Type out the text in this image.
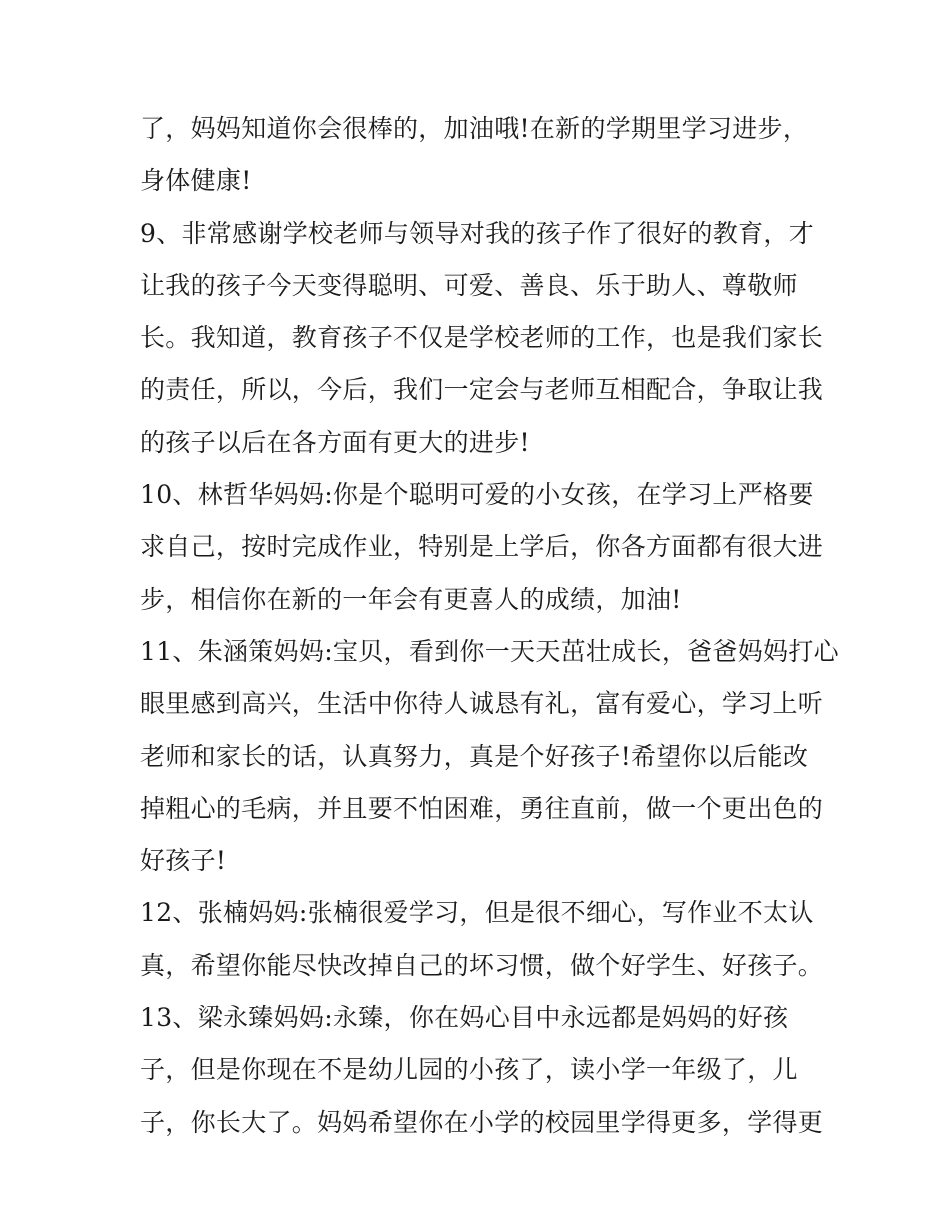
了，妈妈知道你会很棒的，加油哦!在新的学期里学习进步，
身体健康!
9、非常感谢学校老师与领导对我的孩子作了很好的教育，才
让我的孩子今天变得聪明、可爱、善良、乐于助人、尊敬师
长。我知道，教育孩子不仅是学校老师的工作，也是我们家长
的责任，所以，今后，我们一定会与老师互相配合，争取让我
的孩子以后在各方面有更大的进步!
10、林哲华妈妈:你是个聪明可爱的小女孩，在学习上严格要
求自己，按时完成作业，特别是上学后，你各方面都有很大进
步，相信你在新的一年会有更喜人的成绩，加油!
11、朱涵策妈妈:宝贝，看到你一天天茁壮成长，爸爸妈妈打心
眼里感到高兴，生活中你待人诚恳有礼，富有爱心，学习上听
老师和家长的话，认真努力，真是个好孩子!希望你以后能改
掉粗心的毛病，并且要不怕困难，勇往直前，做一个更出色的
好孩子!
12、张楠妈妈:张楠很爱学习，但是很不细心，写作业不太认
真，希望你能尽快改掉自己的坏习惯，做个好学生、好孩子。
13、梁永臻妈妈:永臻，你在妈心目中永远都是妈妈的好孩
子，但是你现在不是幼儿园的小孩了，读小学一年级了，儿
子，你长大了。妈妈希望你在小学的校园里学得更多，学得更
